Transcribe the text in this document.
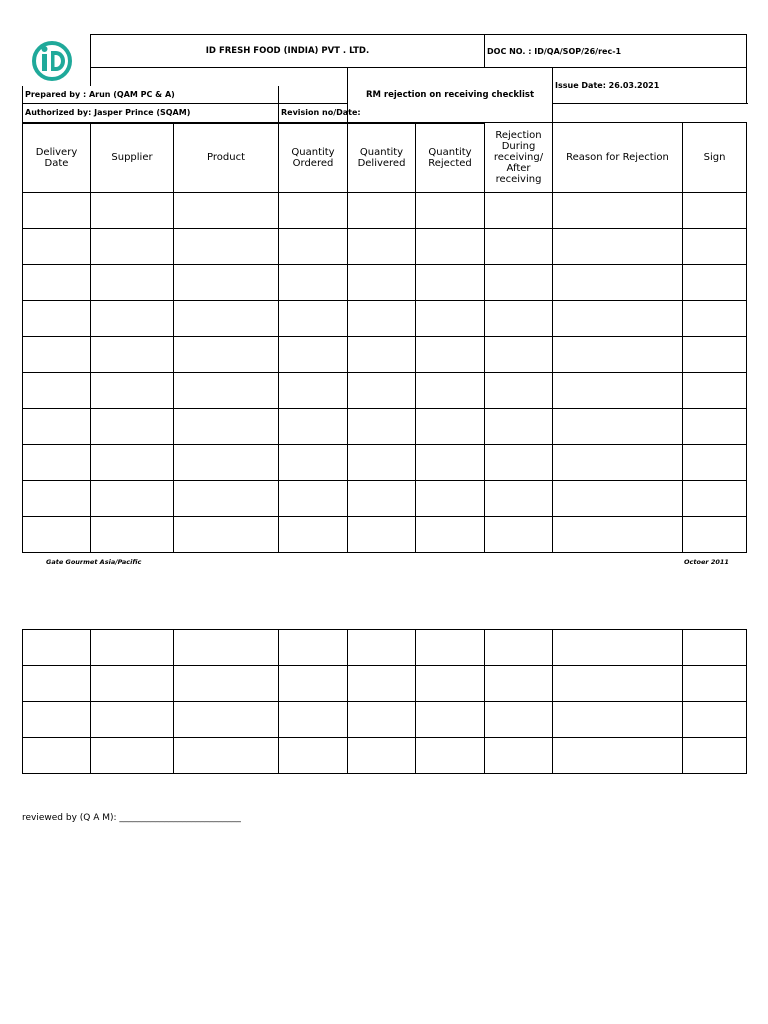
	ID FRESH FOOD (INDIA) PVT . LTD.					DOC NO. : ID/QA/SOP/26/rec-1		
				RM rejection on receiving checklist			Issue Date: 26.03.2021	
Prepared by : Arun (QAM PC & A)								
Authorized by: Jasper Prince (SQAM)			Revision no/Date:					
Delivery Date	Supplier	Product	Quantity Ordered	Quantity Delivered	Quantity Rejected	Rejection During receiving/ After receiving	Reason for Rejection	Sign

Gate Gourmet Asia/Pacific	Octoer 2011

reviewed by (Q A M): ___________________________
